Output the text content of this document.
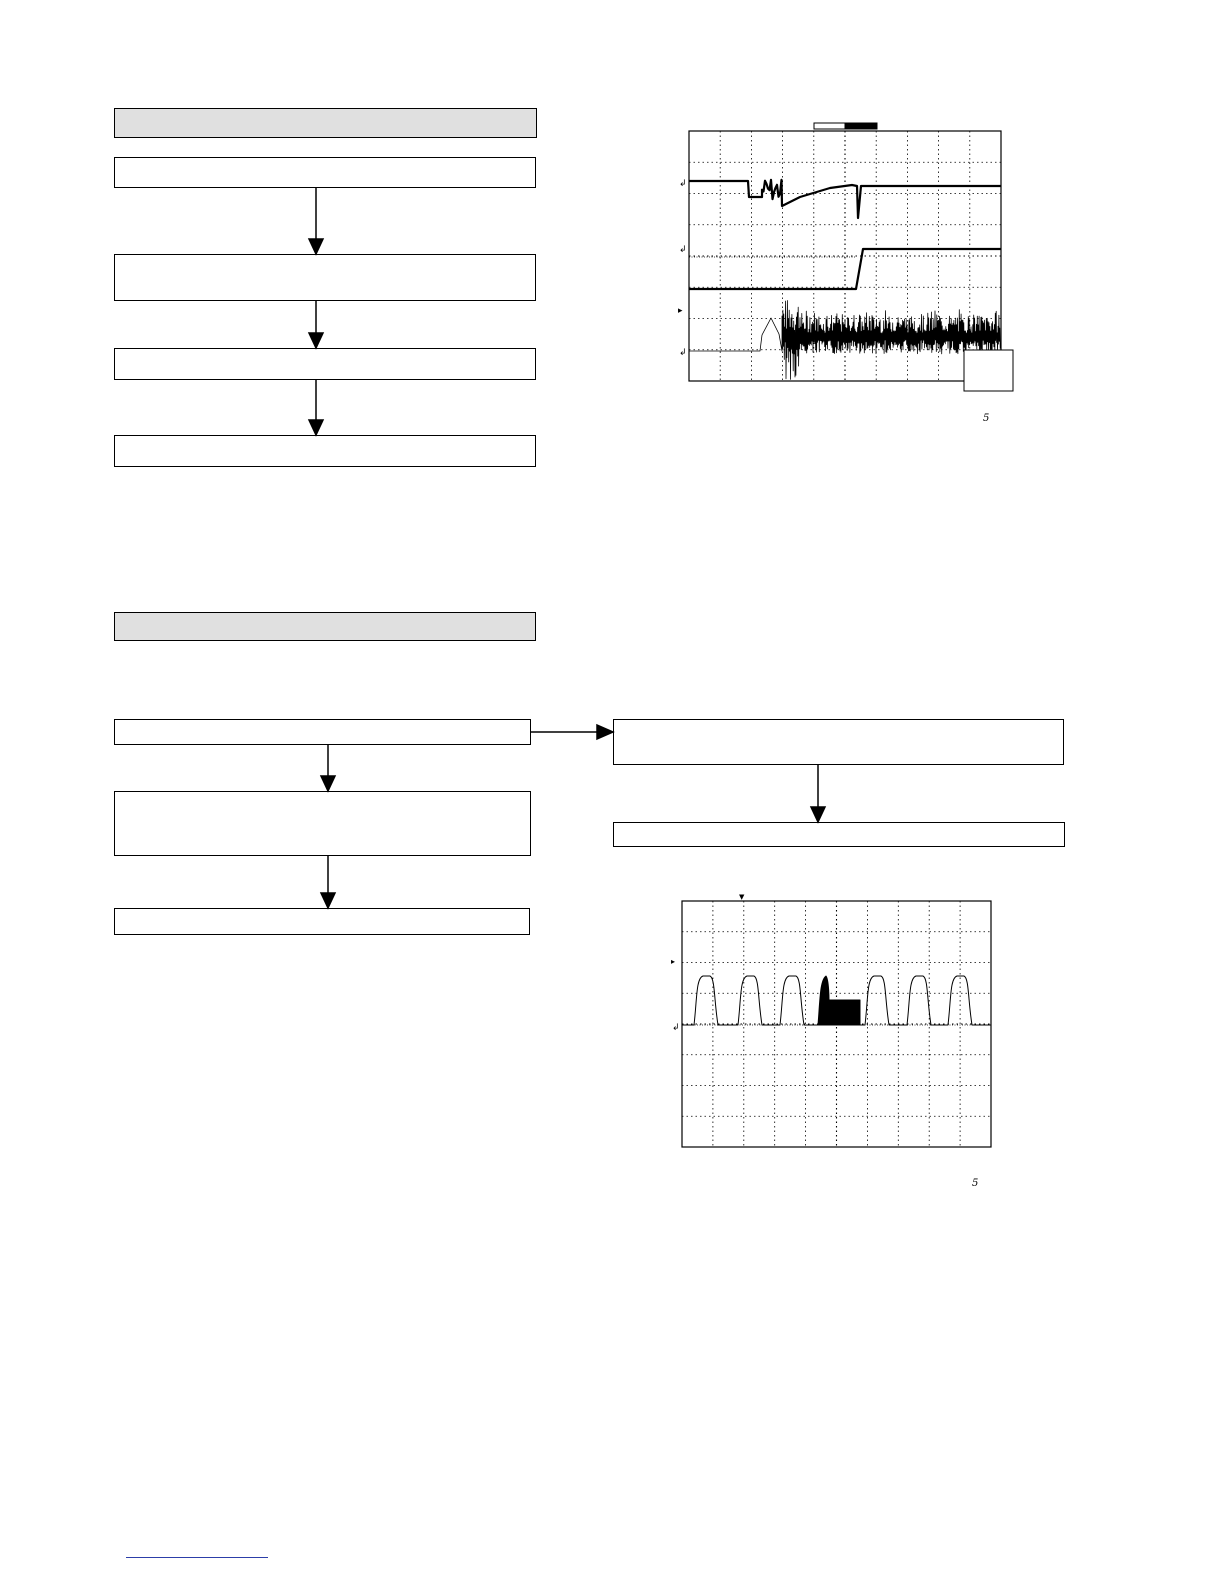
↲
↲
▸
↲
5
▼
▸
↲
5
